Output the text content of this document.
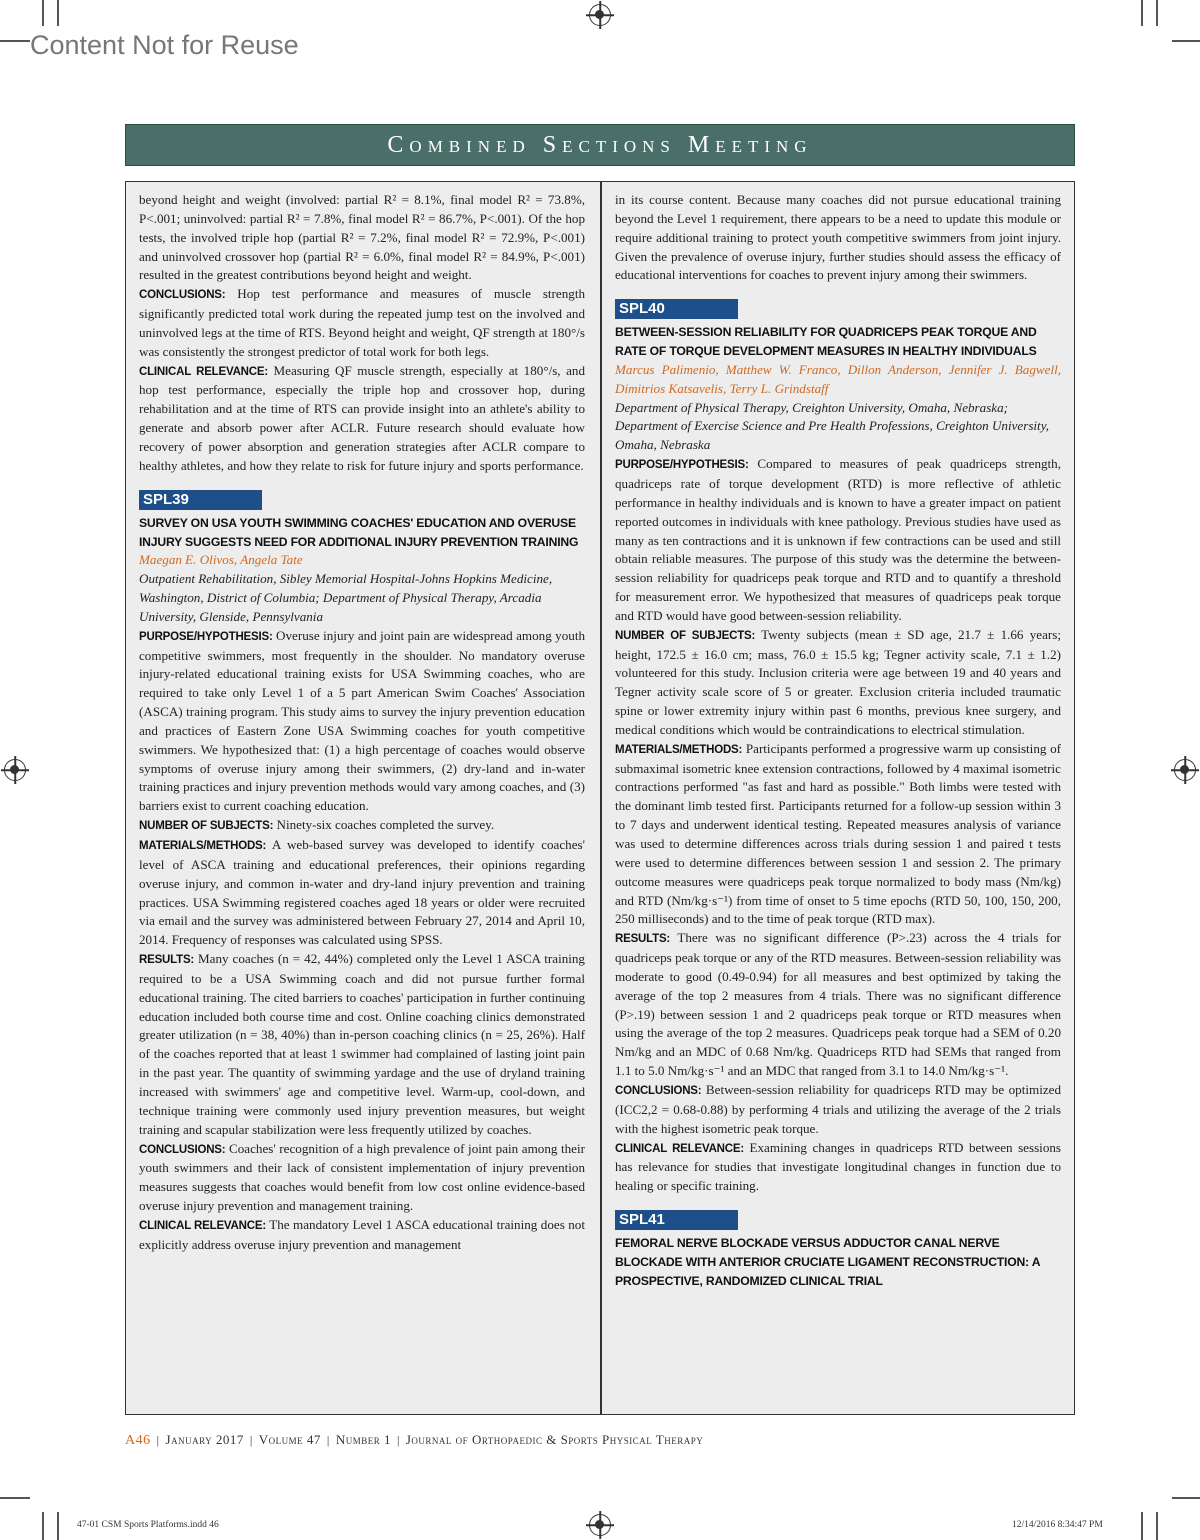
Content Not for Reuse
Combined Sections Meeting

beyond height and weight (involved: partial R² = 8.1%, final model R² = 73.8%, P<.001; uninvolved: partial R² = 7.8%, final model R² = 86.7%, P<.001). Of the hop tests, the involved triple hop (partial R² = 7.2%, final model R² = 72.9%, P<.001) and uninvolved crossover hop (partial R² = 6.0%, final model R² = 84.9%, P<.001) resulted in the greatest contributions beyond height and weight.

CONCLUSIONS: Hop test performance and measures of muscle strength significantly predicted total work during the repeated jump test on the involved and uninvolved legs at the time of RTS. Beyond height and weight, QF strength at 180°/s was consistently the strongest predictor of total work for both legs.

CLINICAL RELEVANCE: Measuring QF muscle strength, especially at 180°/s, and hop test performance, especially the triple hop and crossover hop, during rehabilitation and at the time of RTS can provide insight into an athlete's ability to generate and absorb power after ACLR. Future research should evaluate how recovery of power absorption and generation strategies after ACLR compare to healthy athletes, and how they relate to risk for future injury and sports performance.

SPL39

SURVEY ON USA YOUTH SWIMMING COACHES' EDUCATION AND OVERUSE INJURY SUGGESTS NEED FOR ADDITIONAL INJURY PREVENTION TRAINING

Maegan E. Olivos, Angela Tate

Outpatient Rehabilitation, Sibley Memorial Hospital-Johns Hopkins Medicine, Washington, District of Columbia; Department of Physical Therapy, Arcadia University, Glenside, Pennsylvania

PURPOSE/HYPOTHESIS: Overuse injury and joint pain are widespread among youth competitive swimmers, most frequently in the shoulder. No mandatory overuse injury-related educational training exists for USA Swimming coaches, who are required to take only Level 1 of a 5 part American Swim Coaches' Association (ASCA) training program. This study aims to survey the injury prevention education and practices of Eastern Zone USA Swimming coaches for youth competitive swimmers. We hypothesized that: (1) a high percentage of coaches would observe symptoms of overuse injury among their swimmers, (2) dry-land and in-water training practices and injury prevention methods would vary among coaches, and (3) barriers exist to current coaching education.

NUMBER OF SUBJECTS: Ninety-six coaches completed the survey.

MATERIALS/METHODS: A web-based survey was developed to identify coaches' level of ASCA training and educational preferences, their opinions regarding overuse injury, and common in-water and dry-land injury prevention and training practices. USA Swimming registered coaches aged 18 years or older were recruited via email and the survey was administered between February 27, 2014 and April 10, 2014. Frequency of responses was calculated using SPSS.

RESULTS: Many coaches (n = 42, 44%) completed only the Level 1 ASCA training required to be a USA Swimming coach and did not pursue further formal educational training. The cited barriers to coaches' participation in further continuing education included both course time and cost. Online coaching clinics demonstrated greater utilization (n = 38, 40%) than in-person coaching clinics (n = 25, 26%). Half of the coaches reported that at least 1 swimmer had complained of lasting joint pain in the past year. The quantity of swimming yardage and the use of dryland training increased with swimmers' age and competitive level. Warm-up, cool-down, and technique training were commonly used injury prevention measures, but weight training and scapular stabilization were less frequently utilized by coaches.

CONCLUSIONS: Coaches' recognition of a high prevalence of joint pain among their youth swimmers and their lack of consistent implementation of injury prevention measures suggests that coaches would benefit from low cost online evidence-based overuse injury prevention and management training.

CLINICAL RELEVANCE: The mandatory Level 1 ASCA educational training does not explicitly address overuse injury prevention and management

in its course content. Because many coaches did not pursue educational training beyond the Level 1 requirement, there appears to be a need to update this module or require additional training to protect youth competitive swimmers from joint injury. Given the prevalence of overuse injury, further studies should assess the efficacy of educational interventions for coaches to prevent injury among their swimmers.

SPL40

BETWEEN-SESSION RELIABILITY FOR QUADRICEPS PEAK TORQUE AND RATE OF TORQUE DEVELOPMENT MEASURES IN HEALTHY INDIVIDUALS

Marcus Palimenio, Matthew W. Franco, Dillon Anderson, Jennifer J. Bagwell, Dimitrios Katsavelis, Terry L. Grindstaff

Department of Physical Therapy, Creighton University, Omaha, Nebraska; Department of Exercise Science and Pre Health Professions, Creighton University, Omaha, Nebraska

PURPOSE/HYPOTHESIS: Compared to measures of peak quadriceps strength, quadriceps rate of torque development (RTD) is more reflective of athletic performance in healthy individuals and is known to have a greater impact on patient reported outcomes in individuals with knee pathology. Previous studies have used as many as ten contractions and it is unknown if few contractions can be used and still obtain reliable measures. The purpose of this study was the determine the between-session reliability for quadriceps peak torque and RTD and to quantify a threshold for measurement error. We hypothesized that measures of quadriceps peak torque and RTD would have good between-session reliability.

NUMBER OF SUBJECTS: Twenty subjects (mean ± SD age, 21.7 ± 1.66 years; height, 172.5 ± 16.0 cm; mass, 76.0 ± 15.5 kg; Tegner activity scale, 7.1 ± 1.2) volunteered for this study. Inclusion criteria were age between 19 and 40 years and Tegner activity scale score of 5 or greater. Exclusion criteria included traumatic spine or lower extremity injury within past 6 months, previous knee surgery, and medical conditions which would be contraindications to electrical stimulation.

MATERIALS/METHODS: Participants performed a progressive warm up consisting of submaximal isometric knee extension contractions, followed by 4 maximal isometric contractions performed "as fast and hard as possible." Both limbs were tested with the dominant limb tested first. Participants returned for a follow-up session within 3 to 7 days and underwent identical testing. Repeated measures analysis of variance was used to determine differences across trials during session 1 and paired t tests were used to determine differences between session 1 and session 2. The primary outcome measures were quadriceps peak torque normalized to body mass (Nm/kg) and RTD (Nm/kg·s⁻¹) from time of onset to 5 time epochs (RTD 50, 100, 150, 200, 250 milliseconds) and to the time of peak torque (RTD max).

RESULTS: There was no significant difference (P>.23) across the 4 trials for quadriceps peak torque or any of the RTD measures. Between-session reliability was moderate to good (0.49-0.94) for all measures and best optimized by taking the average of the top 2 measures from 4 trials. There was no significant difference (P>.19) between session 1 and 2 quadriceps peak torque or RTD measures when using the average of the top 2 measures. Quadriceps peak torque had a SEM of 0.20 Nm/kg and an MDC of 0.68 Nm/kg. Quadriceps RTD had SEMs that ranged from 1.1 to 5.0 Nm/kg·s⁻¹ and an MDC that ranged from 3.1 to 14.0 Nm/kg·s⁻¹.

CONCLUSIONS: Between-session reliability for quadriceps RTD may be optimized (ICC2,2 = 0.68-0.88) by performing 4 trials and utilizing the average of the 2 trials with the highest isometric peak torque.

CLINICAL RELEVANCE: Examining changes in quadriceps RTD between sessions has relevance for studies that investigate longitudinal changes in function due to healing or specific training.

SPL41

FEMORAL NERVE BLOCKADE VERSUS ADDUCTOR CANAL NERVE BLOCKADE WITH ANTERIOR CRUCIATE LIGAMENT RECONSTRUCTION: A PROSPECTIVE, RANDOMIZED CLINICAL TRIAL

A46 | January 2017 | Volume 47 | Number 1 | Journal of Orthopaedic & Sports Physical Therapy
47-01 CSM Sports Platforms.indd 46	12/14/2016 8:34:47 PM
